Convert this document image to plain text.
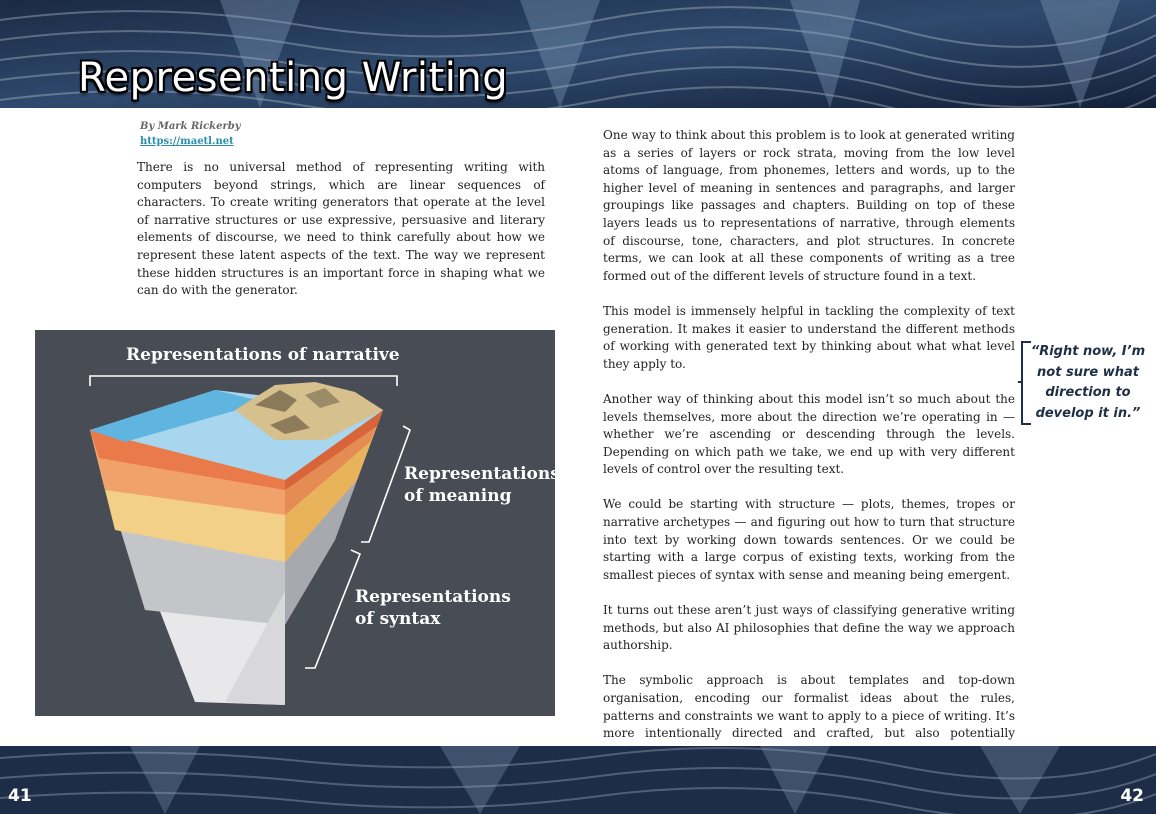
Representing Writing
By Mark Rickerby
https://maetl.net

There is no universal method of representing writing with computers beyond strings, which are linear sequences of characters. To create writing generators that operate at the level of narrative structures or use expressive, persuasive and literary elements of discourse, we need to think carefully about how we represent these latent aspects of the text. The way we represent these hidden structures is an important force in shaping what we can do with the generator.

Representations of narrative
Representations
of meaning
Representations
of syntax

One way to think about this problem is to look at generated writing as a series of layers or rock strata, moving from the low level atoms of language, from phonemes, letters and words, up to the higher level of meaning in sentences and paragraphs, and larger groupings like passages and chapters. Building on top of these layers leads us to representations of narrative, through elements of discourse, tone, characters, and plot structures. In concrete terms, we can look at all these components of writing as a tree formed out of the different levels of structure found in a text.

This model is immensely helpful in tackling the complexity of text generation. It makes it easier to understand the different methods of working with generated text by thinking about what what level they apply to.

Another way of thinking about this model isn’t so much about the levels themselves, more about the direction we’re operating in — whether we’re ascending or descending through the levels. Depending on which path we take, we end up with very different levels of control over the resulting text.

We could be starting with structure — plots, themes, tropes or narrative archetypes — and figuring out how to turn that structure into text by working down towards sentences. Or we could be starting with a large corpus of existing texts, working from the smallest pieces of syntax with sense and meaning being emergent.

It turns out these aren’t just ways of classifying generative writing methods, but also AI philosophies that define the way we approach authorship.

The symbolic approach is about templates and top-down organisation, encoding our formalist ideas about the rules, patterns and constraints we want to apply to a piece of writing. It’s more intentionally directed and crafted, but also potentially

“Right now, I’m not sure what direction to develop it in.”
41	42
